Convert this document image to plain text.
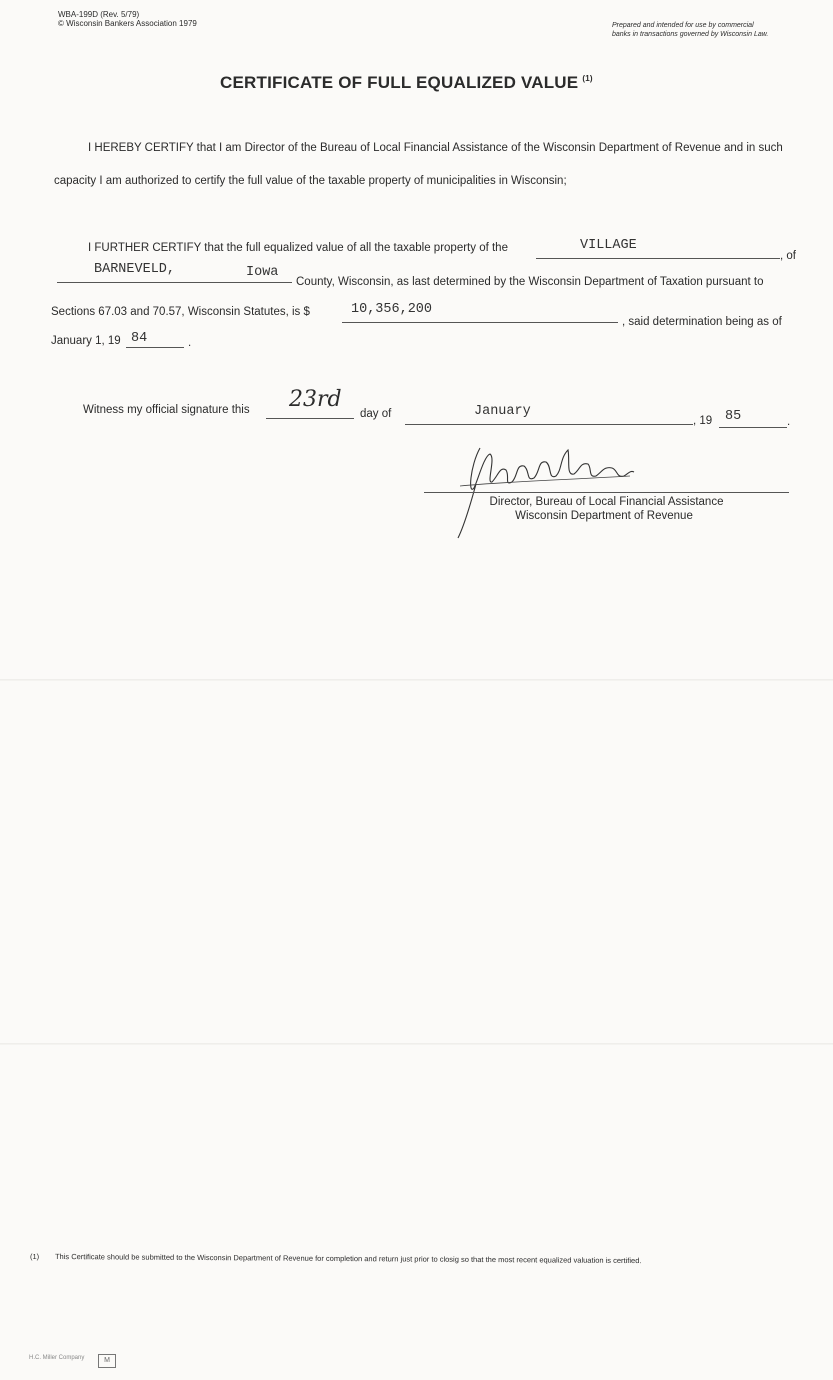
WBA-199D (Rev. 5/79)
© Wisconsin Bankers Association 1979	Prepared and intended for use by commercial
banks in transactions governed by Wisconsin Law.
CERTIFICATE OF FULL EQUALIZED VALUE $^{(1)}$
I HEREBY CERTIFY that I am Director of the Bureau of Local Financial Assistance of the Wisconsin Department of Revenue and in such
capacity I am authorized to certify the full value of the taxable property of municipalities in Wisconsin;
I FURTHER CERTIFY that the full equalized value of all the taxable property of the	VILLAGE
, of
BARNEVELD,	Iowa
County, Wisconsin, as last determined by the Wisconsin Department of Taxation pursuant to
Sections 67.03 and 70.57, Wisconsin Statutes, is $	10,356,200
, said determination being as of
January 1, 19 84	.
Witness my official signature this 23rd
day of	January
, 19 85	.
Director, Bureau of Local Financial Assistance
Wisconsin Department of Revenue
(1) This Certificate should be submitted to the Wisconsin Department of Revenue for completion and return just prior to closig so that the most recent equalized valuation is certified.
H.C. Miller Company	M
